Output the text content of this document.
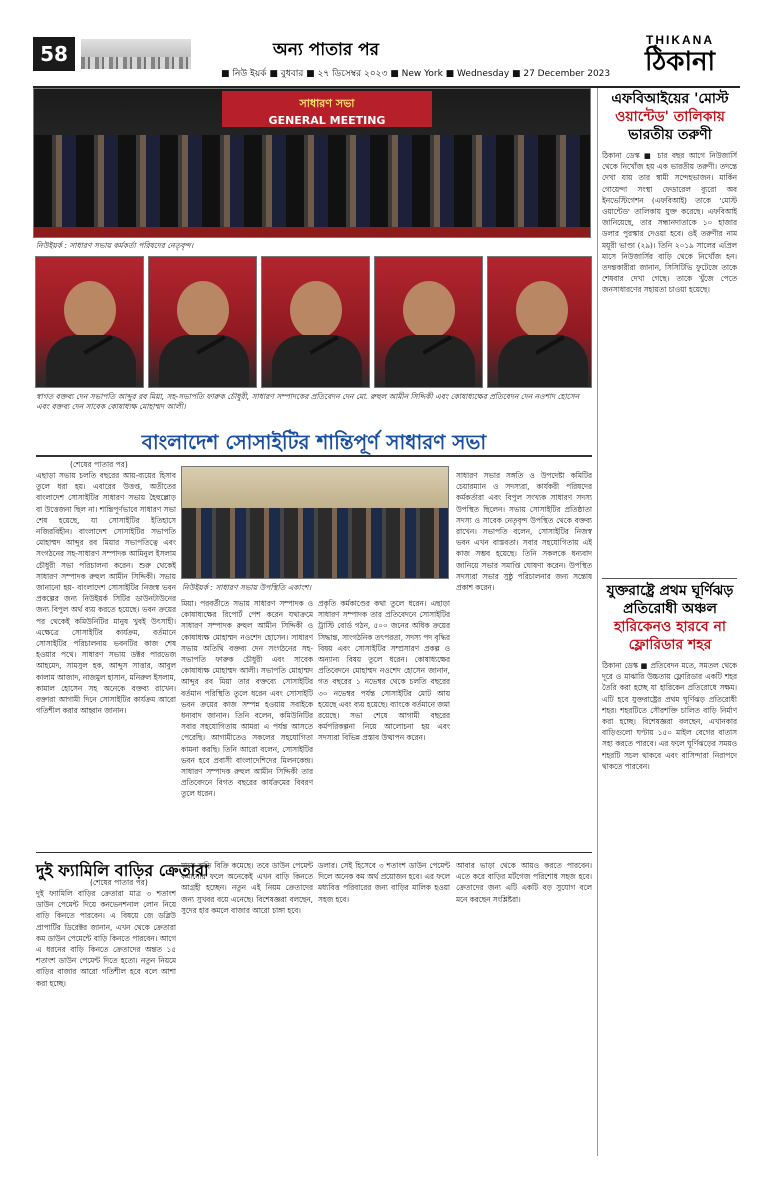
58	অন্য পাতার পর
■ নিউ ইয়র্ক ■ বুধবার ■ ২৭ ডিসেম্বর ২০২৩ ■ New York ■ Wednesday ■ 27 December 2023
THIKANA
ঠিকানা
সাধারণ সভা
GENERAL MEETING
নিউইয়র্ক : সাধারণ সভায় কর্মকর্তা পরিষদের নেতৃবৃন্দ।
স্বাগত বক্তব্য দেন সভাপতি আব্দুর রব মিয়া, সহ-সভাপতি ফারুক চৌধুরী, সাধারণ সম্পাদকের প্রতিবেদন দেন মো. রুহুল আমীন সিদ্দিকী এবং কোষাধ্যক্ষের প্রতিবেদন দেন নওশাদ হোসেন এবং বক্তব্য দেন সাবেক কোষাধ্যক্ষ মোহাম্মদ আলী।
বাংলাদেশ সোসাইটির শান্তিপূর্ণ সাধারণ সভা
(শেষের পাতার পর)
এছাড়া সভায় চলতি বছরের আয়-ব্যয়ের হিসাব তুলে ধরা হয়। এবারের উত্তপ্ত, অতীতের বাংলাদেশ সোসাইটির সাধারণ সভায় হৈহুল্লোড় বা উত্তেজনা ছিল না। শান্তিপূর্ণভাবে সাধারণ সভা শেষ হয়েছে, যা সোসাইটির ইতিহাসে নজিরবিহীন। বাংলাদেশ সোসাইটির সভাপতি মোহাম্মদ আব্দুর রব মিয়ার সভাপতিত্বে এবং সংগঠনের সহ-সাধারণ সম্পাদক আমিনুল ইসলাম চৌধুরী সভা পরিচালনা করেন। শুরু থেকেই সাধারণ সম্পাদক রুহুল আমীন সিদ্দিকী। সভায় জানানো হয়- বাংলাদেশ সোসাইটির নিজস্ব ভবন প্রকল্পের জন্য নিউইয়র্ক সিটির ডাউনটাউনের জন্য বিপুল অর্থ ব্যয় করতে হয়েছে। ভবন ক্রয়ের পর থেকেই কমিউনিটির মানুষ খুবই উৎসাহী। এক্ষেত্রে সোসাইটির কার্যক্রম, বর্তমানে সোসাইটির পরিচালনায় ভবনটির কাজ শেষ হওয়ার পথে। সাধারণ সভায় ডক্টর পারভেজ আহমেদ, সামসুল হক, আব্দুস সাত্তার, আবুল কালাম আজাদ, নাজমুল হাসান, মনিরুল ইসলাম, কামাল হোসেন সহ অনেকে বক্তব্য রাখেন। বক্তারা আগামী দিনে সোসাইটির কার্যক্রম আরো গতিশীল করার আহ্বান জানান।
নিউইয়র্ক : সাধারণ সভায় উপস্থিতি একাংশ।
মিয়া। পরবর্তীতে সভায় সাধারণ সম্পাদক ও কোষাধ্যক্ষের রিপোর্ট পেশ করেন যথাক্রমে সাধারণ সম্পাদক রুহুল আমীন সিদ্দিকী ও কোষাধ্যক্ষ মোহাম্মদ নওশেদ হোসেন। সাধারণ সভায় অতিথি বক্তব্য দেন সংগঠনের সহ-সভাপতি ফারুক চৌধুরী এবং সাবেক কোষাধ্যক্ষ মোহাম্মদ আলী। সভাপতি মোহাম্মদ আব্দুর রব মিয়া তার বক্তব্যে সোসাইটির বর্তমান পরিস্থিতি তুলে ধরেন এবং সোসাইটি ভবন ক্রয়ের কাজ সম্পন্ন হওয়ায় সবাইকে ধন্যবাদ জানান। তিনি বলেন, কমিউনিটির সবার সহযোগিতায় আমরা এ পর্যন্ত আসতে পেরেছি। আগামীতেও সকলের সহযোগিতা কামনা করছি। তিনি আরো বলেন, সোসাইটির ভবন হবে প্রবাসী বাংলাদেশিদের মিলনকেন্দ্র। সাধারণ সম্পাদক রুহুল আমীন সিদ্দিকী তার প্রতিবেদনে বিগত বছরের কার্যক্রমের বিবরণ তুলে ধরেন।
প্রকৃতি কর্মকাণ্ডের কথা তুলে ধরেন। এছাড়া সাধারণ সম্পাদক তার প্রতিবেদনে সোসাইটির ট্রাস্টি বোর্ড গঠন, ৫০০ জনের অধিক ক্রয়ের সিদ্ধান্ত, সাংগঠনিক তৎপরতা, সদস্য পদ বৃদ্ধির বিষয় এবং সোসাইটির সম্প্রসারণ প্রকল্প ও অন্যান্য বিষয় তুলে ধরেন। কোষাধ্যক্ষের প্রতিবেদনে মোহাম্মদ নওশেদ হোসেন জানান, গত বছরের ১ নভেম্বর থেকে চলতি বছরের ৩০ নভেম্বর পর্যন্ত সোসাইটির মোট আয় হয়েছে এবং ব্যয় হয়েছে। ব্যাংকে বর্তমানে জমা রয়েছে। সভা শেষে আগামী বছরের কর্মপরিকল্পনা নিয়ে আলোচনা হয় এবং সদস্যরা বিভিন্ন প্রস্তাব উত্থাপন করেন।
সাধারণ সভার সঙ্গতি ও উপদেষ্টা কমিটির চেয়ারম্যান ও সদস্যরা, কার্যকরী পরিষদের কর্মকর্তারা এবং বিপুল সংখ্যক সাধারণ সদস্য উপস্থিত ছিলেন। সভায় সোসাইটির প্রতিষ্ঠাতা সদস্য ও সাবেক নেতৃবৃন্দ উপস্থিত থেকে বক্তব্য রাখেন। সভাপতি বলেন, সোসাইটির নিজস্ব ভবন এখন বাস্তবতা। সবার সহযোগিতায় এই কাজ সম্ভব হয়েছে। তিনি সকলকে ধন্যবাদ জানিয়ে সভার সমাপ্তি ঘোষণা করেন। উপস্থিত সদস্যরা সভার সুষ্ঠু পরিচালনার জন্য সন্তোষ প্রকাশ করেন।
দুই ফ্যামিলি বাড়ির ক্রেতারা
(শেষের পাতার পর)
দুই ফ্যামিলি বাড়ির ক্রেতারা মাত্র ৩ শতাংশ ডাউন পেমেন্ট দিয়ে কনভেনশনাল লোন নিয়ে বাড়ি কিনতে পারবেন। এ বিষয়ে জে ডব্লিউ প্রাপার্টির ডিরেক্টর জানান, এখন থেকে ক্রেতারা কম ডাউন পেমেন্টে বাড়ি কিনতে পারবেন। আগে এ ধরনের বাড়ি কিনতে ক্রেতাদের অন্তত ১৫ শতাংশ ডাউন পেমেন্ট দিতে হতো। নতুন নিয়মে বাড়ির বাজার আরো গতিশীল হবে বলে আশা করা হচ্ছে।
মাসে বাড়ি বিক্রি কমেছে। তবে ডাউন পেমেন্ট কমানোর ফলে অনেকেই এখন বাড়ি কিনতে আগ্রহী হচ্ছেন। নতুন এই নিয়ম ক্রেতাদের জন্য সুখবর বয়ে এনেছে। বিশেষজ্ঞরা বলছেন, সুদের হার কমলে বাজার আরো চাঙ্গা হবে।
ডলার। সেই হিসেবে ৩ শতাংশ ডাউন পেমেন্ট দিলে অনেক কম অর্থ প্রয়োজন হবে। এর ফলে মধ্যবিত্ত পরিবারের জন্য বাড়ির মালিক হওয়া সহজ হবে।
আবার ভাড়া থেকে আয়ও করতে পারবেন। এতে করে বাড়ির মর্টগেজ পরিশোধ সহজ হবে। ক্রেতাদের জন্য এটি একটি বড় সুযোগ বলে মনে করছেন সংশ্লিষ্টরা।
এফবিআইয়ের 'মোস্ট
ওয়ান্টেড' তালিকায়
ভারতীয় তরুণী
ঠিকানা ডেস্ক ■ চার বছর আগে নিউজার্সি থেকে নিখোঁজ হয় এক ভারতীয় তরুণী। তদন্তে দেখা যায় তার স্বামী সন্দেহভাজন। মার্কিন গোয়েন্দা সংস্থা ফেডারেল ব্যুরো অব ইনভেস্টিগেশন (এফবিআই) তাকে 'মোস্ট ওয়ান্টেড' তালিকায় যুক্ত করেছে। এফবিআই জানিয়েছে, তার সন্ধানদাতাকে ১০ হাজার ডলার পুরস্কার দেওয়া হবে। ওই তরুণীর নাম ময়ূরী ভাণ্ডা (২৯)। তিনি ২০১৯ সালের এপ্রিল মাসে নিউজার্সির বাড়ি থেকে নিখোঁজ হন। তদন্তকারীরা জানান, সিসিটিভি ফুটেজে তাকে শেষবার দেখা গেছে। তাকে খুঁজে পেতে জনসাধারণের সহায়তা চাওয়া হয়েছে।
যুক্তরাষ্ট্রে প্রথম ঘূর্ণিঝড়
প্রতিরোধী অঞ্চল
হারিকেনও হারবে না
ফ্লোরিডার শহর
ঠিকানা ডেস্ক ■ প্রতিবেদন মতে, সমতল থেকে দূরে ও মাঝারি উচ্চতায় ফ্লোরিডার একটি শহর তৈরি করা হচ্ছে যা হারিকেন প্রতিরোধে সক্ষম। এটি হবে যুক্তরাষ্ট্রের প্রথম ঘূর্ণিঝড় প্রতিরোধী শহর। শহরটিতে সৌরশক্তি চালিত বাড়ি নির্মাণ করা হচ্ছে। বিশেষজ্ঞরা বলছেন, এখানকার বাড়িগুলো ঘণ্টায় ১৫০ মাইল বেগের বাতাস সহ্য করতে পারবে। এর ফলে ঘূর্ণিঝড়ের সময়ও শহরটি সচল থাকবে এবং বাসিন্দারা নিরাপদে থাকতে পারবেন।
